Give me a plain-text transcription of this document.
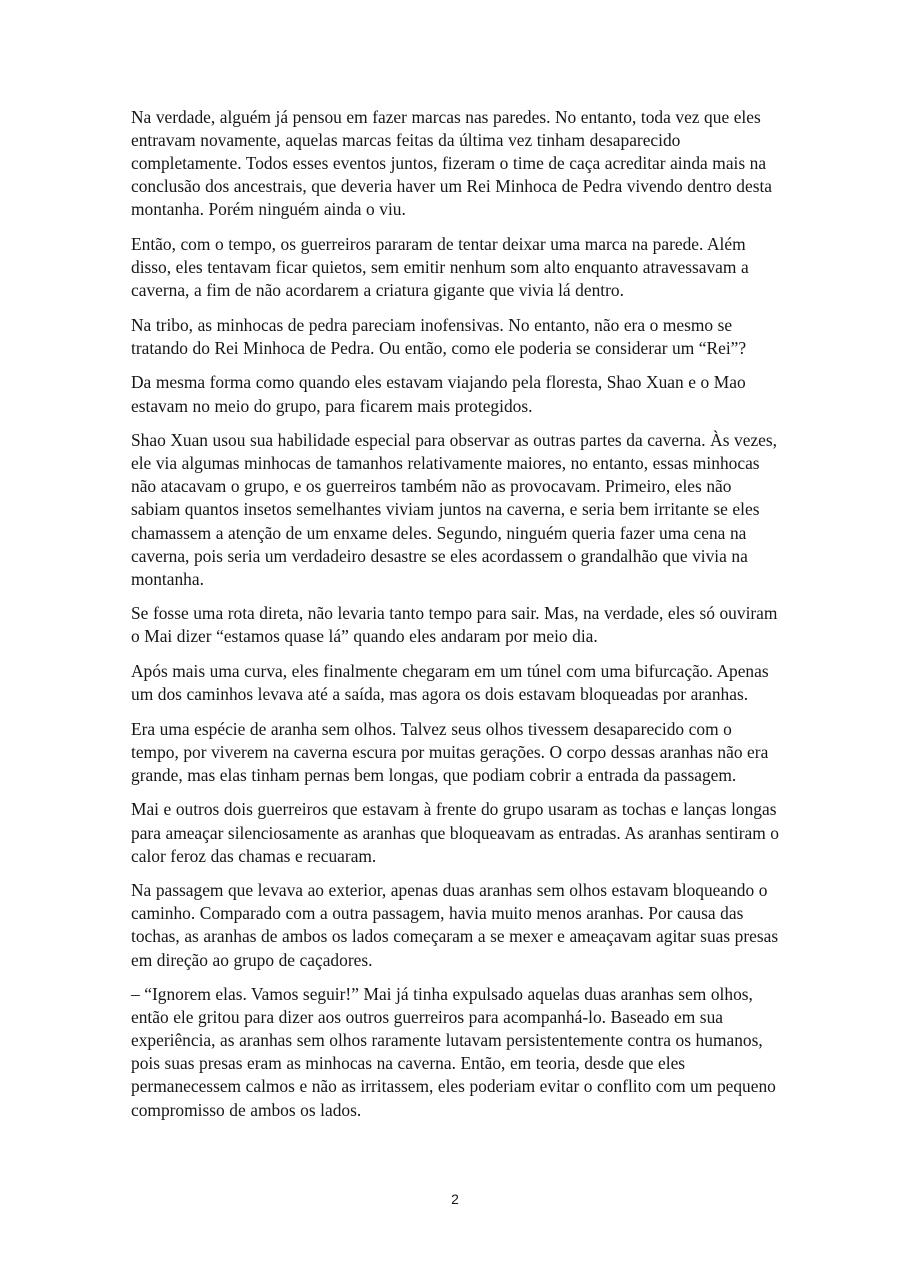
Na verdade, alguém já pensou em fazer marcas nas paredes. No entanto, toda vez que eles entravam novamente, aquelas marcas feitas da última vez tinham desaparecido completamente. Todos esses eventos juntos, fizeram o time de caça acreditar ainda mais na conclusão dos ancestrais, que deveria haver um Rei Minhoca de Pedra vivendo dentro desta montanha. Porém ninguém ainda o viu.

Então, com o tempo, os guerreiros pararam de tentar deixar uma marca na parede. Além disso, eles tentavam ficar quietos, sem emitir nenhum som alto enquanto atravessavam a caverna, a fim de não acordarem a criatura gigante que vivia lá dentro.

Na tribo, as minhocas de pedra pareciam inofensivas. No entanto, não era o mesmo se tratando do Rei Minhoca de Pedra. Ou então, como ele poderia se considerar um “Rei”?

Da mesma forma como quando eles estavam viajando pela floresta, Shao Xuan e o Mao estavam no meio do grupo, para ficarem mais protegidos.

Shao Xuan usou sua habilidade especial para observar as outras partes da caverna. Às vezes, ele via algumas minhocas de tamanhos relativamente maiores, no entanto, essas minhocas não atacavam o grupo, e os guerreiros também não as provocavam. Primeiro, eles não sabiam quantos insetos semelhantes viviam juntos na caverna, e seria bem irritante se eles chamassem a atenção de um enxame deles. Segundo, ninguém queria fazer uma cena na caverna, pois seria um verdadeiro desastre se eles acordassem o grandalhão que vivia na montanha.

Se fosse uma rota direta, não levaria tanto tempo para sair. Mas, na verdade, eles só ouviram o Mai dizer “estamos quase lá” quando eles andaram por meio dia.

Após mais uma curva, eles finalmente chegaram em um túnel com uma bifurcação. Apenas um dos caminhos levava até a saída, mas agora os dois estavam bloqueadas por aranhas.

Era uma espécie de aranha sem olhos. Talvez seus olhos tivessem desaparecido com o tempo, por viverem na caverna escura por muitas gerações. O corpo dessas aranhas não era grande, mas elas tinham pernas bem longas, que podiam cobrir a entrada da passagem.

Mai e outros dois guerreiros que estavam à frente do grupo usaram as tochas e lanças longas para ameaçar silenciosamente as aranhas que bloqueavam as entradas. As aranhas sentiram o calor feroz das chamas e recuaram.

Na passagem que levava ao exterior, apenas duas aranhas sem olhos estavam bloqueando o caminho. Comparado com a outra passagem, havia muito menos aranhas. Por causa das tochas, as aranhas de ambos os lados começaram a se mexer e ameaçavam agitar suas presas em direção ao grupo de caçadores.

– “Ignorem elas. Vamos seguir!” Mai já tinha expulsado aquelas duas aranhas sem olhos, então ele gritou para dizer aos outros guerreiros para acompanhá-lo. Baseado em sua experiência, as aranhas sem olhos raramente lutavam persistentemente contra os humanos, pois suas presas eram as minhocas na caverna. Então, em teoria, desde que eles permanecessem calmos e não as irritassem, eles poderiam evitar o conflito com um pequeno compromisso de ambos os lados.

2
